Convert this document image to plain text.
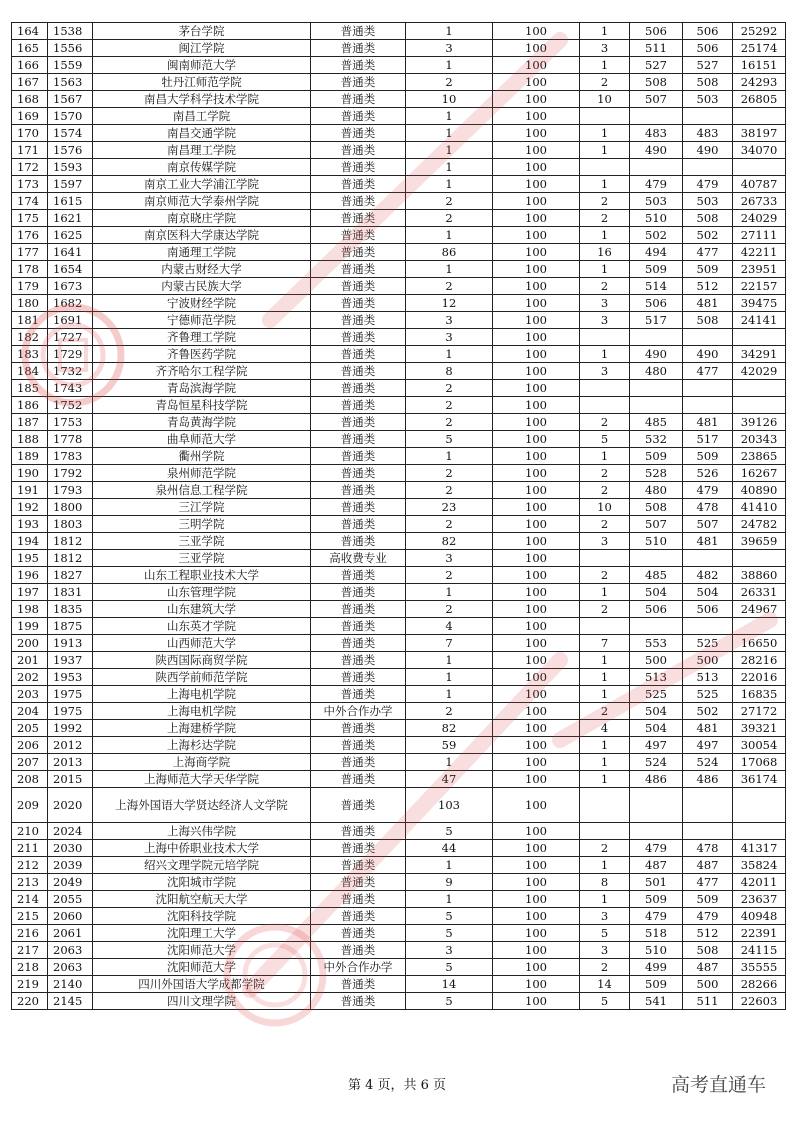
164	1538	茅台学院	普通类	1	100	1	506	506	25292
165	1556	闽江学院	普通类	3	100	3	511	506	25174
166	1559	闽南师范大学	普通类	1	100	1	527	527	16151
167	1563	牡丹江师范学院	普通类	2	100	2	508	508	24293
168	1567	南昌大学科学技术学院	普通类	10	100	10	507	503	26805
169	1570	南昌工学院	普通类	1	100				
170	1574	南昌交通学院	普通类	1	100	1	483	483	38197
171	1576	南昌理工学院	普通类	1	100	1	490	490	34070
172	1593	南京传媒学院	普通类	1	100				
173	1597	南京工业大学浦江学院	普通类	1	100	1	479	479	40787
174	1615	南京师范大学泰州学院	普通类	2	100	2	503	503	26733
175	1621	南京晓庄学院	普通类	2	100	2	510	508	24029
176	1625	南京医科大学康达学院	普通类	1	100	1	502	502	27111
177	1641	南通理工学院	普通类	86	100	16	494	477	42211
178	1654	内蒙古财经大学	普通类	1	100	1	509	509	23951
179	1673	内蒙古民族大学	普通类	2	100	2	514	512	22157
180	1682	宁波财经学院	普通类	12	100	3	506	481	39475
181	1691	宁德师范学院	普通类	3	100	3	517	508	24141
182	1727	齐鲁理工学院	普通类	3	100				
183	1729	齐鲁医药学院	普通类	1	100	1	490	490	34291
184	1732	齐齐哈尔工程学院	普通类	8	100	3	480	477	42029
185	1743	青岛滨海学院	普通类	2	100				
186	1752	青岛恒星科技学院	普通类	2	100				
187	1753	青岛黄海学院	普通类	2	100	2	485	481	39126
188	1778	曲阜师范大学	普通类	5	100	5	532	517	20343
189	1783	衢州学院	普通类	1	100	1	509	509	23865
190	1792	泉州师范学院	普通类	2	100	2	528	526	16267
191	1793	泉州信息工程学院	普通类	2	100	2	480	479	40890
192	1800	三江学院	普通类	23	100	10	508	478	41410
193	1803	三明学院	普通类	2	100	2	507	507	24782
194	1812	三亚学院	普通类	82	100	3	510	481	39659
195	1812	三亚学院	高收费专业	3	100				
196	1827	山东工程职业技术大学	普通类	2	100	2	485	482	38860
197	1831	山东管理学院	普通类	1	100	1	504	504	26331
198	1835	山东建筑大学	普通类	2	100	2	506	506	24967
199	1875	山东英才学院	普通类	4	100				
200	1913	山西师范大学	普通类	7	100	7	553	525	16650
201	1937	陕西国际商贸学院	普通类	1	100	1	500	500	28216
202	1953	陕西学前师范学院	普通类	1	100	1	513	513	22016
203	1975	上海电机学院	普通类	1	100	1	525	525	16835
204	1975	上海电机学院	中外合作办学	2	100	2	504	502	27172
205	1992	上海建桥学院	普通类	82	100	4	504	481	39321
206	2012	上海杉达学院	普通类	59	100	1	497	497	30054
207	2013	上海商学院	普通类	1	100	1	524	524	17068
208	2015	上海师范大学天华学院	普通类	47	100	1	486	486	36174
209	2020	上海外国语大学贤达经济人文学院	普通类	103	100				
210	2024	上海兴伟学院	普通类	5	100				
211	2030	上海中侨职业技术大学	普通类	44	100	2	479	478	41317
212	2039	绍兴文理学院元培学院	普通类	1	100	1	487	487	35824
213	2049	沈阳城市学院	普通类	9	100	8	501	477	42011
214	2055	沈阳航空航天大学	普通类	1	100	1	509	509	23637
215	2060	沈阳科技学院	普通类	5	100	3	479	479	40948
216	2061	沈阳理工大学	普通类	5	100	5	518	512	22391
217	2063	沈阳师范大学	普通类	3	100	3	510	508	24115
218	2063	沈阳师范大学	中外合作办学	5	100	2	499	487	35555
219	2140	四川外国语大学成都学院	普通类	14	100	14	509	500	28266
220	2145	四川文理学院	普通类	5	100	5	541	511	22603
第 4 页，共 6 页	高考直通车
